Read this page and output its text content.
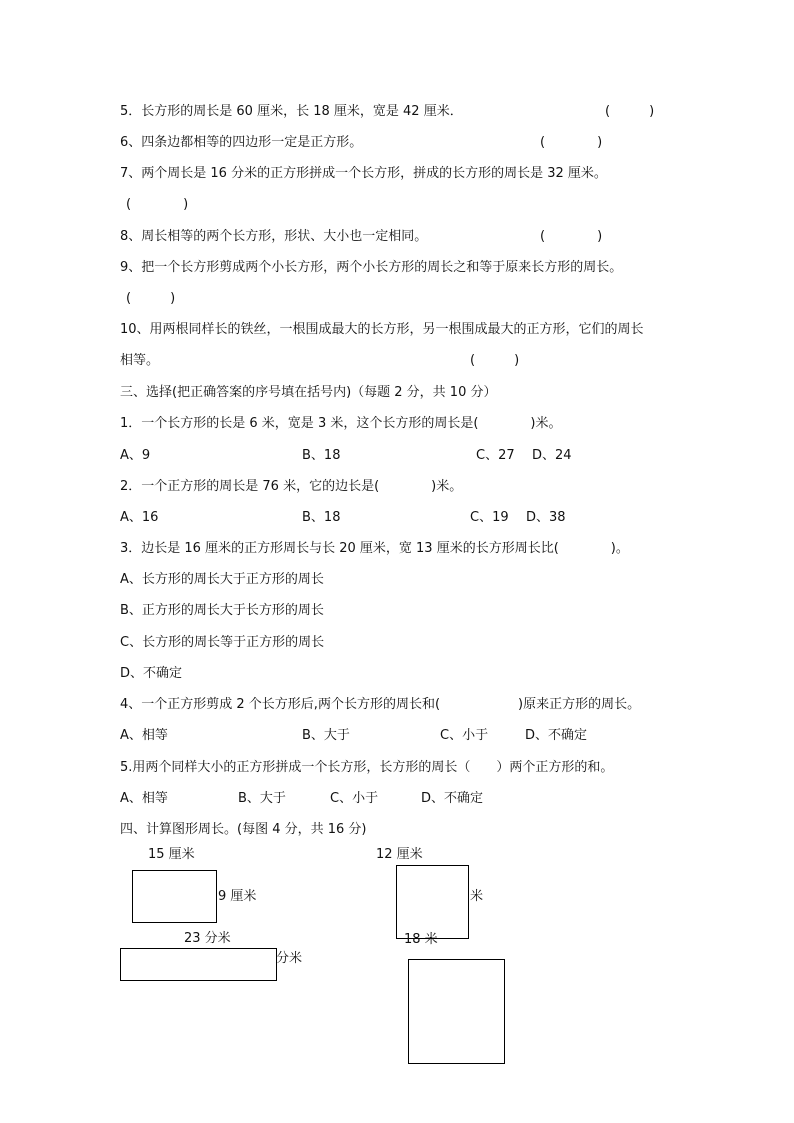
5．长方形的周长是 60 厘米，长 18 厘米，宽是 42 厘米．	(　　　)
6、四条边都相等的四边形一定是正方形。	(　　　　)
7、两个周长是 16 分米的正方形拼成一个长方形，拼成的长方形的周长是 32 厘米。
(　　　　)
8、周长相等的两个长方形，形状、大小也一定相同。	(　　　　)
9、把一个长方形剪成两个小长方形，两个小长方形的周长之和等于原来长方形的周长。
(　　　)
10、用两根同样长的铁丝，一根围成最大的长方形，另一根围成最大的正方形，它们的周长
相等。	(　　　)
三、选择(把正确答案的序号填在括号内)（每题 2 分，共 10 分）
1．一个长方形的长是 6 米，宽是 3 米，这个长方形的周长是(　　　　)米。
A、9	B、18	C、27 D、24
2．一个正方形的周长是 76 米，它的边长是(　　　　)米。
A、16	B、18	C、19 D、38
3．边长是 16 厘米的正方形周长与长 20 厘米，宽 13 厘米的长方形周长比(　　　　)。
A、长方形的周长大于正方形的周长
B、正方形的周长大于长方形的周长
C、长方形的周长等于正方形的周长
D、不确定
4、一个正方形剪成 2 个长方形后,两个长方形的周长和(　　　　　　)原来正方形的周长。
A、相等	B、大于	C、小于	D、不确定
5.用两个同样大小的正方形拼成一个长方形，长方形的周长（　　）两个正方形的和。
A、相等	B、大于	C、小于	D、不确定
四、计算图形周长。(每图 4 分，共 16 分)
15 厘米
9 厘米
12 厘米
米
23 分米
分米
18 米
